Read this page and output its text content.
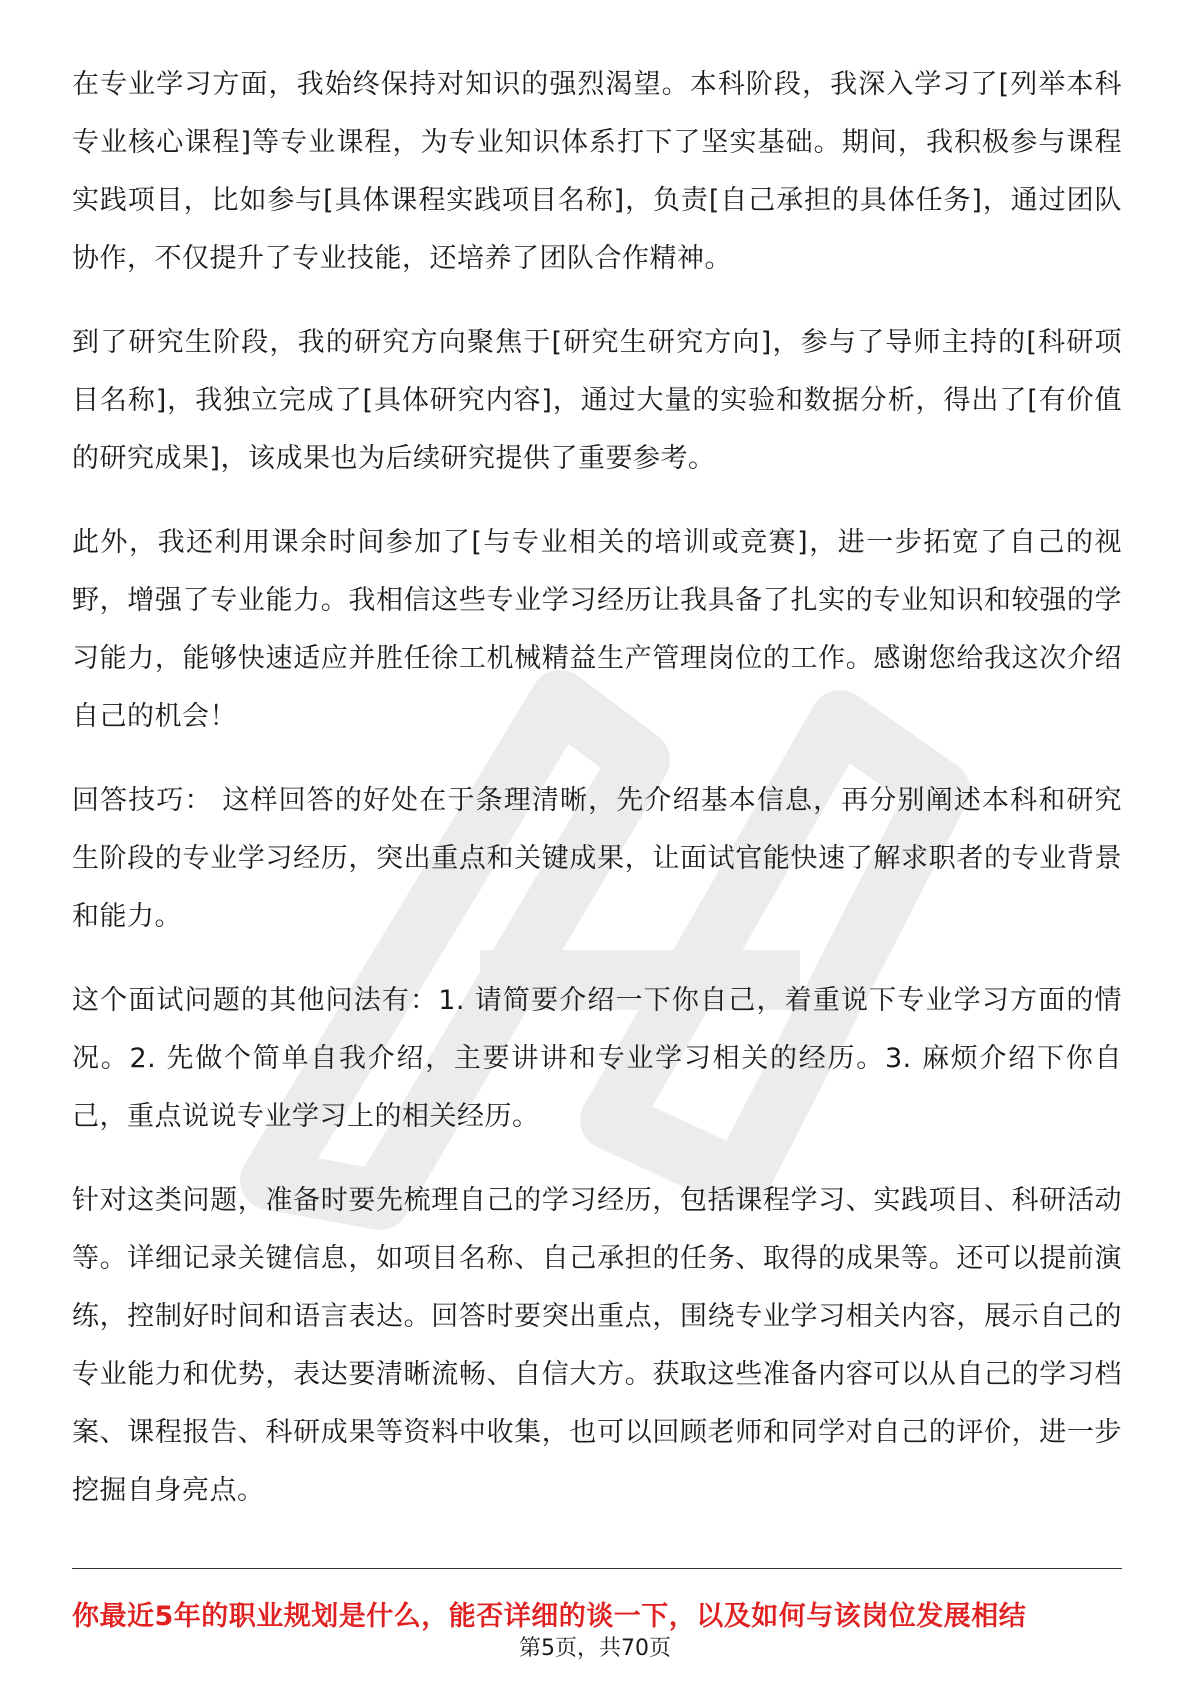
在专业学习方面，我始终保持对知识的强烈渴望。本科阶段，我深入学习了[列举本科专业核心课程]等专业课程，为专业知识体系打下了坚实基础。期间，我积极参与课程实践项目，比如参与[具体课程实践项目名称]，负责[自己承担的具体任务]，通过团队协作，不仅提升了专业技能，还培养了团队合作精神。

到了研究生阶段，我的研究方向聚焦于[研究生研究方向]，参与了导师主持的[科研项目名称]，我独立完成了[具体研究内容]，通过大量的实验和数据分析，得出了[有价值的研究成果]，该成果也为后续研究提供了重要参考。

此外，我还利用课余时间参加了[与专业相关的培训或竞赛]，进一步拓宽了自己的视野，增强了专业能力。我相信这些专业学习经历让我具备了扎实的专业知识和较强的学习能力，能够快速适应并胜任徐工机械精益生产管理岗位的工作。感谢您给我这次介绍自己的机会！

回答技巧： 这样回答的好处在于条理清晰，先介绍基本信息，再分别阐述本科和研究生阶段的专业学习经历，突出重点和关键成果，让面试官能快速了解求职者的专业背景和能力。

这个面试问题的其他问法有：1. 请简要介绍一下你自己，着重说下专业学习方面的情况。2. 先做个简单自我介绍，主要讲讲和专业学习相关的经历。3. 麻烦介绍下你自己，重点说说专业学习上的相关经历。

针对这类问题，准备时要先梳理自己的学习经历，包括课程学习、实践项目、科研活动等。详细记录关键信息，如项目名称、自己承担的任务、取得的成果等。还可以提前演练，控制好时间和语言表达。回答时要突出重点，围绕专业学习相关内容，展示自己的专业能力和优势，表达要清晰流畅、自信大方。获取这些准备内容可以从自己的学习档案、课程报告、科研成果等资料中收集，也可以回顾老师和同学对自己的评价，进一步挖掘自身亮点。

你最近5年的职业规划是什么，能否详细的谈一下，以及如何与该岗位发展相结
第5页，共70页
